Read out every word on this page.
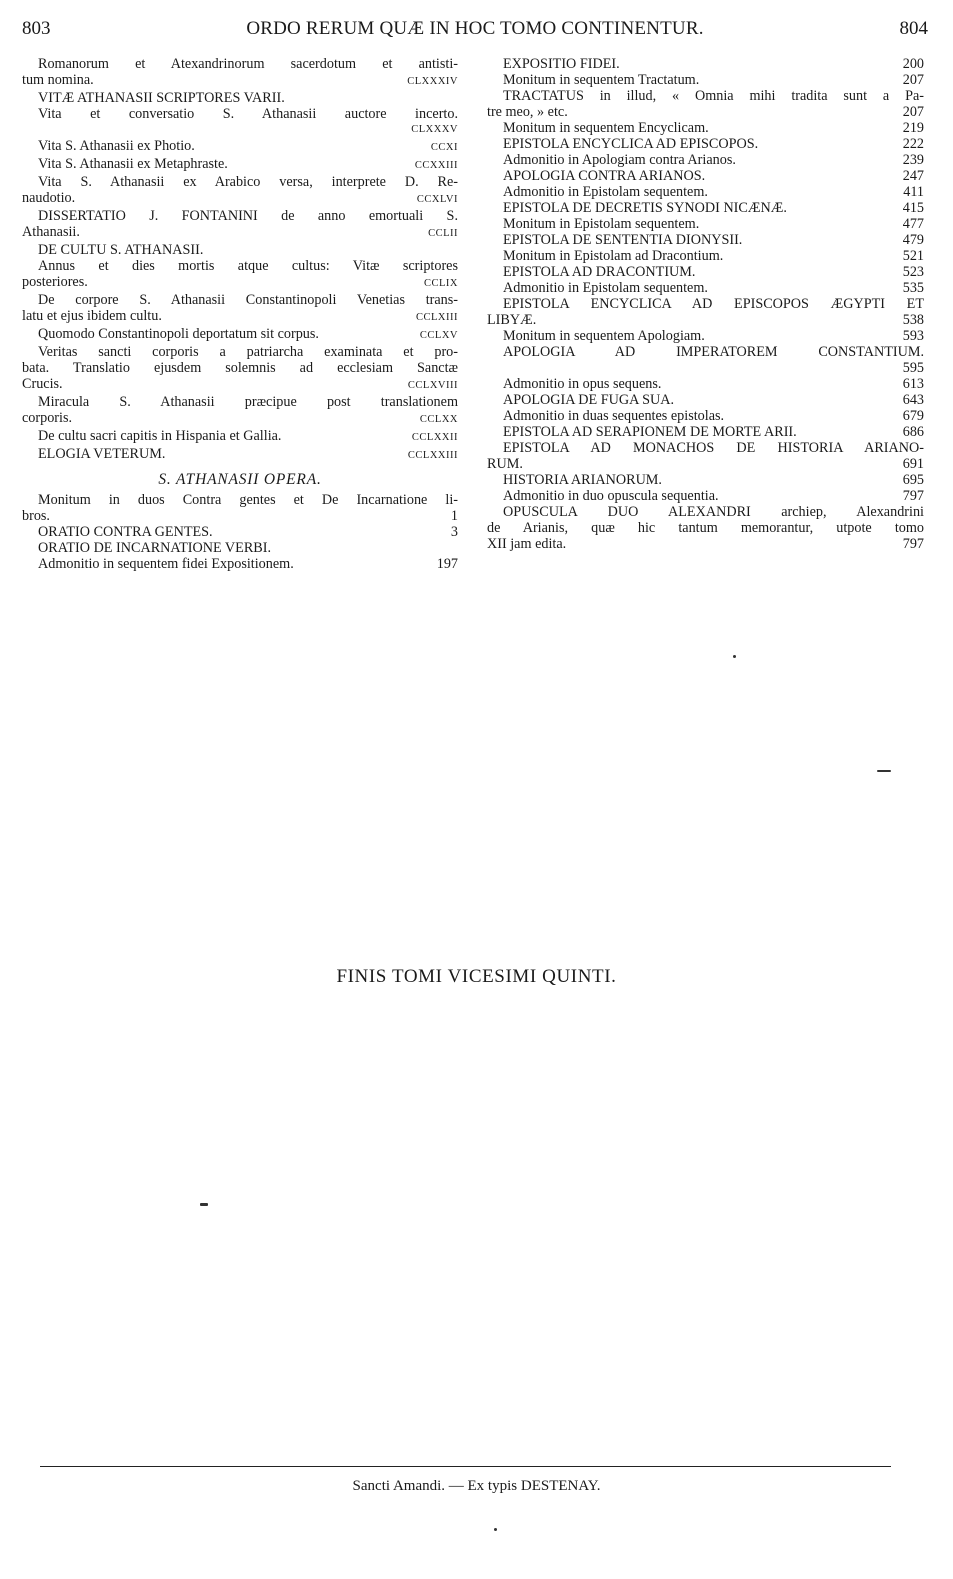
803	ORDO RERUM QUÆ IN HOC TOMO CONTINENTUR.	804
Romanorum et Atexandrinorum sacerdotum et antisti-
tum nomina.	CLXXXIV
VITÆ ATHANASII SCRIPTORES VARII.
Vita et conversatio S. Athanasii auctore incerto.
CLXXXV
Vita S. Athanasii ex Photio.	CCXI
Vita S. Athanasii ex Metaphraste.	CCXXIII
Vita S. Athanasii ex Arabico versa, interprete D. Re-
naudotio.	CCXLVI
DISSERTATIO J. FONTANINI de anno emortuali S.
Athanasii.	CCLII
DE CULTU S. ATHANASII.
Annus et dies mortis atque cultus: Vitæ scriptores
posteriores.	CCLIX
De corpore S. Athanasii Constantinopoli Venetias trans-
latu et ejus ibidem cultu.	CCLXIII
Quomodo Constantinopoli deportatum sit corpus.	CCLXV
Veritas sancti corporis a patriarcha examinata et pro-
bata. Translatio ejusdem solemnis ad ecclesiam Sanctæ
Crucis.	CCLXVIII
Miracula S. Athanasii præcipue post translationem
corporis.	CCLXX
De cultu sacri capitis in Hispania et Gallia.	CCLXXII
ELOGIA VETERUM.	CCLXXIII
S. ATHANASII OPERA.
Monitum in duos Contra gentes et De Incarnatione li-
bros.	1
ORATIO CONTRA GENTES.	3
ORATIO DE INCARNATIONE VERBI.
Admonitio in sequentem fidei Expositionem.	197
EXPOSITIO FIDEI.	200
Monitum in sequentem Tractatum.	207
TRACTATUS in illud, « Omnia mihi tradita sunt a Pa-
tre meo, » etc.	207
Monitum in sequentem Encyclicam.	219
EPISTOLA ENCYCLICA AD EPISCOPOS.	222
Admonitio in Apologiam contra Arianos.	239
APOLOGIA CONTRA ARIANOS.	247
Admonitio in Epistolam sequentem.	411
EPISTOLA DE DECRETIS SYNODI NICÆNÆ.	415
Monitum in Epistolam sequentem.	477
EPISTOLA DE SENTENTIA DIONYSII.	479
Monitum in Epistolam ad Dracontium.	521
EPISTOLA AD DRACONTIUM.	523
Admonitio in Epistolam sequentem.	535
EPISTOLA ENCYCLICA AD EPISCOPOS ÆGYPTI ET
LIBYÆ.	538
Monitum in sequentem Apologiam.	593
APOLOGIA AD IMPERATOREM CONSTANTIUM.
595
Admonitio in opus sequens.	613
APOLOGIA DE FUGA SUA.	643
Admonitio in duas sequentes epistolas.	679
EPISTOLA AD SERAPIONEM DE MORTE ARII.	686
EPISTOLA AD MONACHOS DE HISTORIA ARIANO-
RUM.	691
HISTORIA ARIANORUM.	695
Admonitio in duo opuscula sequentia.	797
OPUSCULA DUO ALEXANDRI archiep, Alexandrini
de Arianis, quæ hic tantum memorantur, utpote tomo
XII jam edita.	797
FINIS TOMI VICESIMI QUINTI.
Sancti Amandi. — Ex typis DESTENAY.
